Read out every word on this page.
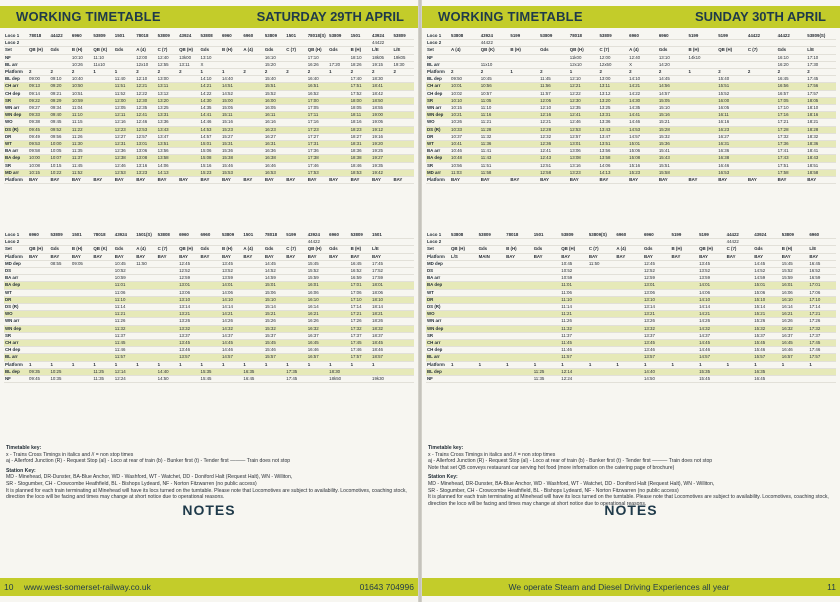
WORKING TIMETABLE	SATURDAY 29TH APRIL
Loco 1	78018	44422	6960	53809	1501	78018	53809	43924	53808	6960	6960	53809	1501	78018(S)	53809	1501	43924	53809
Loco 2																	44422	
Set	QB (H)	Gds	B (H)	QB (K)	Gds	A (4)	C (7)	QB (H)	Gds	B (H)	A (4)	Gds	C (7)	QB (H)	Gds	B (H)	L/E	L/E
NF			10:10	11:10		12:00	12:40	13k00	13:10			16:10		17:10		18:10	18k05	19k05
BL arr			10:26	11x10		12x10	12:55	13:11	X			15:20		16:26	17:20	18:26	19:15	19:30
Platform	2	2	2	1	1	2	2	2	1	1	2	2	2	2	1	2	2	2
BL dep	09:00	09:10	10:40		11:40	12:10	13:00		14:10	14:40		15:40		16:40		17:40	18:30	
CH arr	09:13	09:20	10:50		11:51	12:21	13:11		14:21	14:51		15:51		16:51		17:51	18:41	
CH dep	09:14	09:21	10:51		11:52	12:22	13:12		14:22	14:52		15:52		16:52		17:52	18:42	
SR	09:22	09:29	10:59		12:00	12:30	13:20		14:30	15:00		16:00		17:00		18:00	18:50	
WN arr	09:27	09:34	11:04		12:05	12:35	13:25		14:35	15:05		16:05		17:05		18:05	18:55	
WN dep	09:33	09:40	11:10		12:11	12:41	13:31		14:41	15:11		16:11		17:11		18:11	19:00	
WO	09:38	09:45	11:15		12:16	12:46	13:36		14:46	15:16		16:16		17:16		18:16	19:05	
DS (R)	09:45	09:52	11:22		12:23	12:53	13:43		14:53	15:23		16:23		17:23		18:23	19:12	
DR	09:49	09:56	11:26		12:27	12:57	13:47		14:57	15:27		16:27		17:27		18:27	19:16	
WT	09:53	10:00	11:30		12:31	13:01	13:51		15:01	15:31		16:31		17:31		18:31	19:20	
BA arr	09:58	10:05	11:35		12:36	13:06	13:56		15:06	15:36		16:36		17:36		18:36	19:25	
BA dep	10:00	10:07	11:37		12:38	13:08	13:58		15:08	15:38		16:38		17:38		18:38	19:27	
SR	10:08	10:15	11:45		12:46	13:16	14:06		15:16	15:46		16:46		17:46		18:46	19:35	
MD arr	10:15	10:22	11:52		12:53	13:23	14:13		15:23	15:53		16:53		17:53		18:53	19:42	
Platform	BAY	BAY	BAY	BAY	BAY	BAY	BAY	BAY	BAY	BAY	BAY	BAY	BAY	BAY	BAY	BAY	BAY	BAY
Loco 1	6960	53809	1501	78018	43924	1501(S)	53808	6960	6960	53809	1501	78018	5199	43924	6960	53809	1501	
Loco 2														44422				
Set	QB (H)	Gds	B (H)	QB (K)	Gds	A (4)	C (7)	QB (H)	Gds	B (H)	A (4)	Gds	C (7)	QB (H)	Gds	B (H)	L/E	
Platform	BAY	BAY	BAY	BAY	BAY	BAY	BAY	BAY	BAY	BAY	BAY	BAY	BAY	BAY	BAY	BAY	BAY	
MD dep		08:55	09:05		10:45	11:50		12:45		13:45		14:45		15:45		16:45	17:45	
DS					10:52			12:52		13:52		14:52		15:52		16:52	17:52	
BA arr					10:59			12:59		13:59		14:59		15:59		16:59	17:59	
BA dep					11:01			13:01		14:01		15:01		16:01		17:01	18:01	
WT					11:06			13:06		14:06		15:06		16:06		17:06	18:06	
DR					11:10			13:10		14:10		15:10		16:10		17:10	18:10	
DS (R)					11:14			13:14		14:14		15:14		16:14		17:14	18:14	
WO					11:21			13:21		14:21		15:21		16:21		17:21	18:21	
WN arr					11:26			13:26		14:26		15:26		16:26		17:26	18:26	
WN dep					11:32			13:32		14:32		15:32		16:32		17:32	18:32	
SR					11:37			13:37		14:37		15:37		16:37		17:37	18:37	
CH arr					11:45			13:45		14:45		15:45		16:45		17:45	18:45	
CH dep					11:46			13:46		14:46		15:46		16:46		17:46	18:46	
BL arr					11:57			13:57		14:57		15:57		16:57		17:57	18:57	
Platform	1	1	1	1	1	1	1	1	1	1	1	1	1	1	1	1	1	
BL dep	09:35	10:25		11:25	12:14		14:40		15:35		16:35		17:35		18:30			
NF	09:45	10:35		11:35	12:24		14:50		15:45		16:45		17:45		18k50		19k30	
Timetable key:
x - Trains Cross Timings in italics and // = non stop times
aj - Allerford Junction (R) - Request Stop (al) - Loco at rear of train (b) - Bunker first (t) - Tender first ——— Train does not stop
Station Key:
MD - Minehead, DR-Dunster, BA-Blue Anchor, WD - Washford, WT - Watchet, DD - Doniford Halt (Request Halt), WN - Williton,
SR - Stogumber, CH - Crowcombe Heathfield, BL - Bishops Lydeard, NF - Norton Fitzwarren (no public access)
It is planned for each train terminating at Minehead will have its locs turned on the turntable. Please note that Locomotives are subject to availability. Locomotives, coaching stock, direction the loco will be facing and times may change at short notice due to operational reasons.
NOTES
10 www.west-somerset-railway.co.uk	01643 704996
WORKING TIMETABLE	SUNDAY 30TH APRIL
Loco 1	53808	43924	5199	53809	78018	53809	6960	6960	5199	5199	44422	44422	53809(S)
Loco 2		44422											
Set	A (4)	QB (K)	B (H)	Gds	QB (H)	C (7)	A (4)	Gds	B (H)	QB (H)	C (7)	Gds	L/E
NF					11k00	12:00	12:40	13:10	14k10			16:10	17:10
BL arr		11x10			12x10	12x50	X	14:20				16:20	17:30
Platform	2	2	1	2	1	2	2	2	1	2	2	2	2
BL dep	09:50	10:45		11:45	12:10	13:00	14:10	14:45		15:40		16:45	17:45
CH arr	10:01	10:56		11:56	12:21	13:11	14:21	14:56		15:51		16:56	17:56
CH dep	10:02	10:57		11:57	12:22	13:12	14:22	14:57		15:52		16:57	17:57
SR	10:10	11:05		12:05	12:30	13:20	14:30	15:05		16:00		17:05	18:05
WN arr	10:15	11:10		12:10	12:35	13:25	14:35	15:10		16:05		17:10	18:10
WN dep	10:21	11:16		12:16	12:41	13:31	14:41	15:16		16:11		17:16	18:16
WO	10:26	11:21		12:21	12:46	13:36	14:46	15:21		16:16		17:21	18:21
DS (R)	10:33	11:28		12:28	12:53	13:43	14:53	15:28		16:23		17:28	18:28
DR	10:37	11:32		12:32	12:57	13:47	14:57	15:32		16:27		17:32	18:32
WT	10:41	11:36		12:36	13:01	13:51	15:01	15:36		16:31		17:36	18:36
BA arr	10:46	11:41		12:41	13:06	13:56	15:06	15:41		16:36		17:41	18:41
BA dep	10:48	11:43		12:43	13:08	13:58	15:08	15:43		16:38		17:43	18:43
SR	10:56	11:51		12:51	13:16	14:06	15:16	15:51		16:46		17:51	18:51
MD arr	11:03	11:58		12:58	13:23	14:13	15:23	15:58		16:53		17:58	18:58
Platform	BAY	BAY	BAY	BAY	BAY	BAY	BAY	BAY	BAY	BAY	BAY	BAY	BAY
Loco 1	53808	53809	78018	1501	53809	53809(S)	6960	6960	5199	5199	44422	43924	53809	6960
Loco 2											44422			
Set	QB (H)	Gds	B (H)	Gds	QB (H)	C (7)	A (4)	Gds	B (H)	QB (H)	C (7)	Gds	B (H)	L/E
Platform	L/S	MAIN	BAY	BAY	BAY	BAY	BAY	BAY	BAY	BAY	BAY	BAY	BAY	BAY
MD dep					10:45	11:50		12:45		13:45		14:45	15:45	16:45
DS					10:52			12:52		13:52		14:52	15:52	16:52
BA arr					10:59			12:59		13:59		14:59	15:59	16:59
BA dep					11:01			13:01		14:01		15:01	16:01	17:01
WT					11:06			13:06		14:06		15:06	16:06	17:06
DR					11:10			13:10		14:10		15:10	16:10	17:10
DS (R)					11:14			13:14		14:14		15:14	16:14	17:14
WO					11:21			13:21		14:21		15:21	16:21	17:21
WN arr					11:26			13:26		14:26		15:26	16:26	17:26
WN dep					11:32			13:32		14:32		15:32	16:32	17:32
SR					11:37			13:37		14:37		15:37	16:37	17:37
CH arr					11:45			13:45		14:45		15:45	16:45	17:45
CH dep					11:46			13:46		14:46		15:46	16:46	17:46
BL arr					11:57			13:57		14:57		15:57	16:57	17:57
Platform	1	1	1	1	1	1	1	1	1	1	1	1	1	1
BL dep				11:25	12:14			14:40		15:35		16:35		
NF				11:35	12:24			14:50		15:45		16:45		
Timetable key:
x - Trains Cross Timings in italics and // = non stop times
aj - Allerford Junction (R) - Request Stop (al) - Loco at rear of train (b) - Bunker first (t) - Tender first ——— Train does not stop
Note that set QB conveys restaurant car serving hot food (more information on the catering page of brochure)
Station Key:
MD - Minehead, DR-Dunster, BA-Blue Anchor, WD - Washford, WT - Watchet, DD - Doniford Halt (Request Halt), WN - Williton,
SR - Stogumber, CH - Crowcombe Heathfield, BL - Bishops Lydeard, NF - Norton Fitzwarren (no public access)
It is planned for each train terminating at Minehead will have its locs turned on the turntable. Please note that Locomotives are subject to availability. Locomotives, coaching stock, direction the loco will be facing and times may change at short notice due to operational reasons.
NOTES
We operate Steam and Diesel Driving Experiences all year	11
